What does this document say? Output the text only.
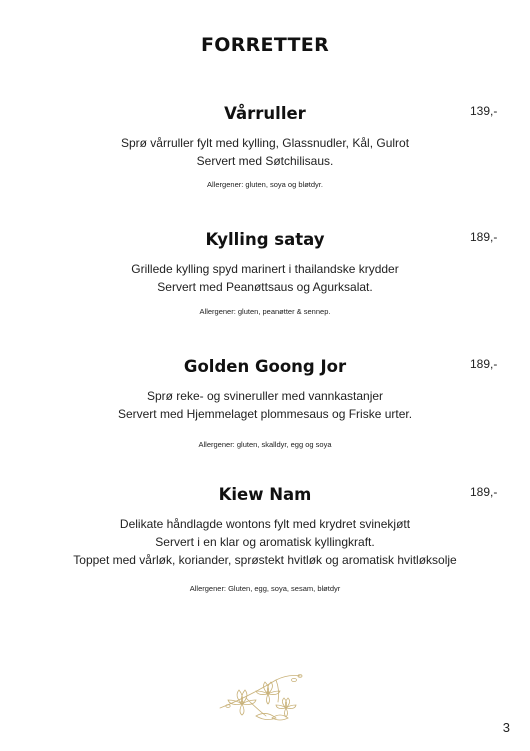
FORRETTER
Vårruller	139,-
Sprø vårruller fylt med kylling, Glassnudler, Kål, Gulrot
Servert med Søtchilisaus.
Allergener: gluten, soya og bløtdyr.
Kylling satay	189,-
Grillede kylling spyd marinert i thailandske krydder
Servert med Peanøttsaus og Agurksalat.
Allergener: gluten, peanøtter & sennep.
Golden Goong Jor	189,-
Sprø reke- og svineruller med vannkastanjer
Servert med Hjemmelaget plommesaus og Friske urter.
Allergener: gluten, skalldyr, egg og soya
Kiew Nam	189,-
Delikate håndlagde wontons fylt med krydret svinekjøtt
Servert i en klar og aromatisk kyllingkraft.
Toppet med vårløk, koriander, sprøstekt hvitløk og aromatisk hvitløksolje
Allergener: Gluten, egg, soya, sesam, bløtdyr
3
